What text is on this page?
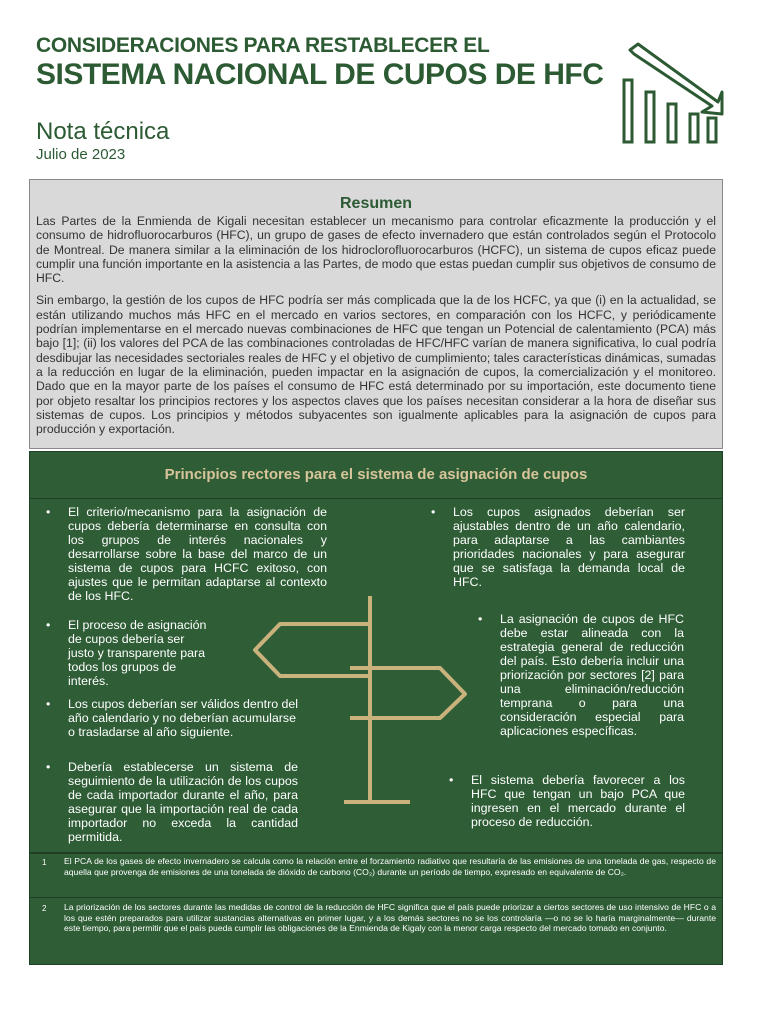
CONSIDERACIONES PARA RESTABLECER EL
SISTEMA NACIONAL DE CUPOS DE HFC
Nota técnica
Julio de 2023
Resumen

Las Partes de la Enmienda de Kigali necesitan establecer un mecanismo para controlar eficazmente la producción y el consumo de hidrofluorocarburos (HFC), un grupo de gases de efecto invernadero que están controlados según el Protocolo de Montreal. De manera similar a la eliminación de los hidroclorofluorocarburos (HCFC), un sistema de cupos eficaz puede cumplir una función importante en la asistencia a las Partes, de modo que estas puedan cumplir sus objetivos de consumo de HFC.

Sin embargo, la gestión de los cupos de HFC podría ser más complicada que la de los HCFC, ya que (i) en la actualidad, se están utilizando muchos más HFC en el mercado en varios sectores, en comparación con los HCFC, y periódicamente podrían implementarse en el mercado nuevas combinaciones de HFC que tengan un Potencial de calentamiento (PCA) más bajo [1]; (ii) los valores del PCA de las combinaciones controladas de HFC/HFC varían de manera significativa, lo cual podría desdibujar las necesidades sectoriales reales de HFC y el objetivo de cumplimiento; tales características dinámicas, sumadas a la reducción en lugar de la eliminación, pueden impactar en la asignación de cupos, la comercialización y el monitoreo. Dado que en la mayor parte de los países el consumo de HFC está determinado por su importación, este documento tiene por objeto resaltar los principios rectores y los aspectos claves que los países necesitan considerar a la hora de diseñar sus sistemas de cupos. Los principios y métodos subyacentes son igualmente aplicables para la asignación de cupos para producción y exportación.

Principios rectores para el sistema de asignación de cupos
• El criterio/mecanismo para la asignación de cupos debería determinarse en consulta con los grupos de interés nacionales y desarrollarse sobre la base del marco de un sistema de cupos para HCFC exitoso, con ajustes que le permitan adaptarse al contexto de los HFC.
• El proceso de asignación de cupos debería ser justo y transparente para todos los grupos de interés.
• Los cupos deberían ser válidos dentro del año calendario y no deberían acumularse o trasladarse al año siguiente.
• Debería establecerse un sistema de seguimiento de la utilización de los cupos de cada importador durante el año, para asegurar que la importación real de cada importador no exceda la cantidad permitida.
• Los cupos asignados deberían ser ajustables dentro de un año calendario, para adaptarse a las cambiantes prioridades nacionales y para asegurar que se satisfaga la demanda local de HFC.
• La asignación de cupos de HFC debe estar alineada con la estrategia general de reducción del país. Esto debería incluir una priorización por sectores [2] para una eliminación/reducción temprana o para una consideración especial para aplicaciones específicas.
• El sistema debería favorecer a los HFC que tengan un bajo PCA que ingresen en el mercado durante el proceso de reducción.
1 El PCA de los gases de efecto invernadero se calcula como la relación entre el forzamiento radiativo que resultaría de las emisiones de una tonelada de gas, respecto de aquella que provenga de emisiones de una tonelada de dióxido de carbono (CO₂) durante un período de tiempo, expresado en equivalente de CO₂.
2 La priorización de los sectores durante las medidas de control de la reducción de HFC significa que el país puede priorizar a ciertos sectores de uso intensivo de HFC o a los que estén preparados para utilizar sustancias alternativas en primer lugar, y a los demás sectores no se los controlaría —o no se lo haría marginalmente— durante este tiempo, para permitir que el país pueda cumplir las obligaciones de la Enmienda de Kigaly con la menor carga respecto del mercado tomado en conjunto.
